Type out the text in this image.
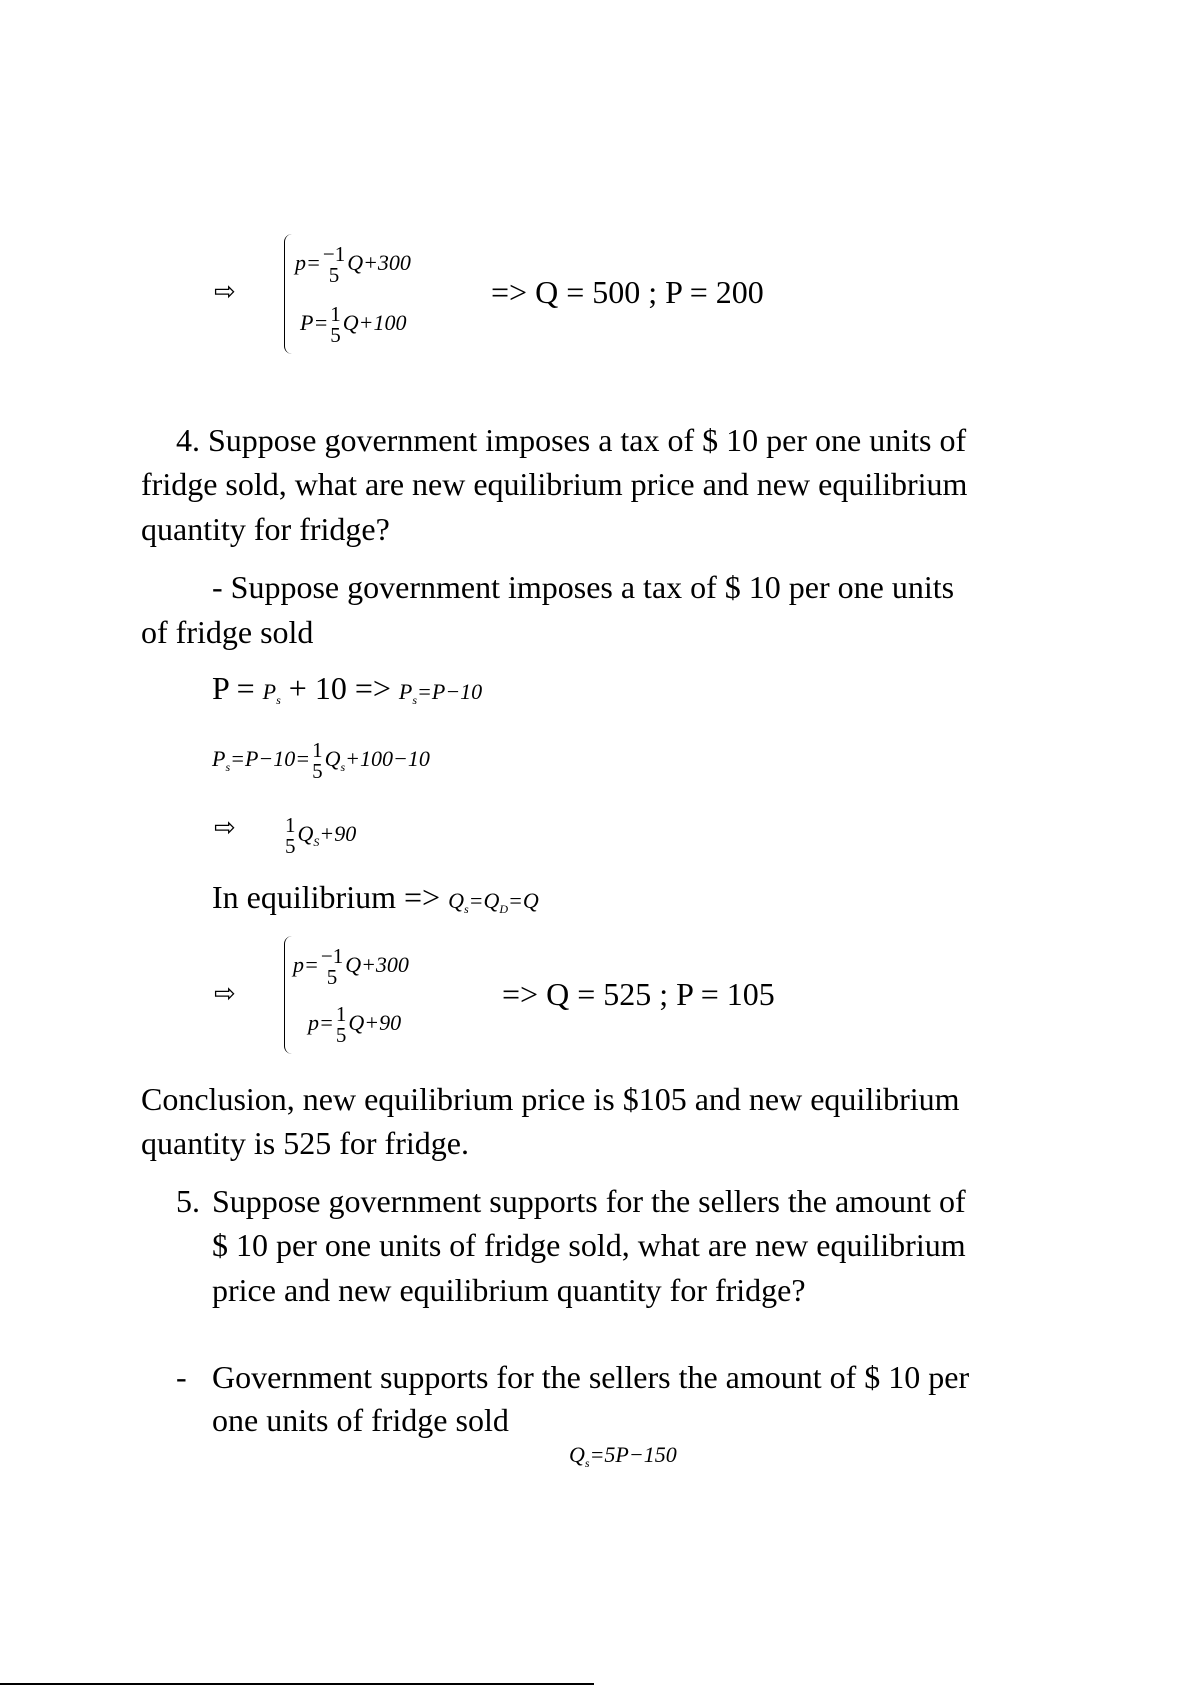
⇨
p= −1
5 Q+300
P= 1
5 Q+100
=> Q = 500 ; P = 200
4. Suppose government imposes a tax of $ 10 per one units of
fridge sold, what are new equilibrium price and new equilibrium
quantity for fridge?
- Suppose government imposes a tax of $ 10 per one units
of fridge sold
$P = P_s + 10 => P_s=P-10$
$P_s=P-10= 1$
5 $Q_s+100-10$
⇨ 1
5 $Q_S+90$
In equilibrium => $Q_s=Q_D=Q$
⇨
p= −1
5 Q+300
p= 1
5 Q+90
=> Q = 525 ; P = 105
Conclusion, new equilibrium price is $105 and new equilibrium
quantity is 525 for fridge.
5. Suppose government supports for the sellers the amount of
$ 10 per one units of fridge sold, what are new equilibrium
price and new equilibrium quantity for fridge?
- Government supports for the sellers the amount of $ 10 per
one units of fridge sold
$Q_s=5P-150$
